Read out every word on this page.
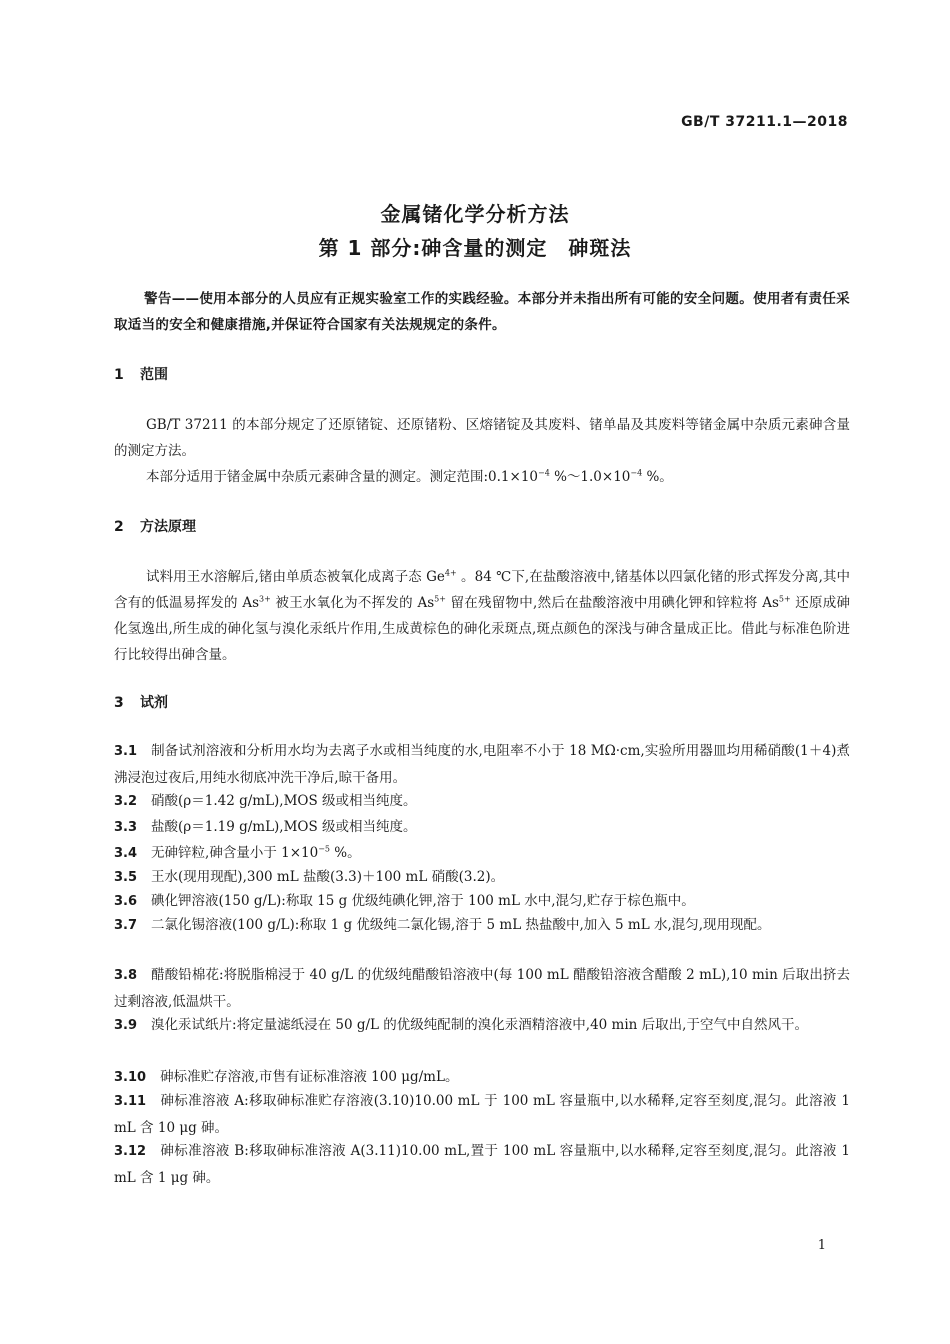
GB/T 37211.1—2018
金属锗化学分析方法
第 1 部分:砷含量的测定　砷斑法
警告——使用本部分的人员应有正规实验室工作的实践经验。本部分并未指出所有可能的安全问题。使用者有责任采取适当的安全和健康措施,并保证符合国家有关法规规定的条件。
1 范围
GB/T 37211 的本部分规定了还原锗锭、还原锗粉、区熔锗锭及其废料、锗单晶及其废料等锗金属中杂质元素砷含量的测定方法。
本部分适用于锗金属中杂质元素砷含量的测定。测定范围$:0.1\times 10^{-4}$ $\%\sim 1.0\times 10^{-4}$ %。
2 方法原理
试料用王水溶解后,锗由单质态被氧化成离子态 $Ge^{4+}$ 。84 ℃下,在盐酸溶液中,锗基体以四氯化锗的形式挥发分离,其中含有的低温易挥发的 $As^{3+}$ 被王水氧化为不挥发的 $As^{5+}$ 留在残留物中,然后在盐酸溶液中用碘化钾和锌粒将 $As^{5+}$ 还原成砷化氢逸出,所生成的砷化氢与溴化汞纸片作用,生成黄棕色的砷化汞斑点,斑点颜色的深浅与砷含量成正比。借此与标准色阶进行比较得出砷含量。
3 试剂
3.1 制备试剂溶液和分析用水均为去离子水或相当纯度的水,电阻率不小于 18 MΩ·cm,实验所用器皿均用稀硝酸(1＋4)煮沸浸泡过夜后,用纯水彻底冲洗干净后,晾干备用。
3.2 硝酸(ρ＝1.42 g/mL),MOS 级或相当纯度。
3.3 盐酸(ρ＝1.19 g/mL),MOS 级或相当纯度。
3.4 无砷锌粒,砷含量小于 $1\times 10^{-5}$ %。
3.5 王水(现用现配),300 mL 盐酸(3.3)＋100 mL 硝酸(3.2)。
3.6 碘化钾溶液(150 g/L):称取 15 g 优级纯碘化钾,溶于 100 mL 水中,混匀,贮存于棕色瓶中。
3.7 二氯化锡溶液(100 g/L):称取 1 g 优级纯二氯化锡,溶于 5 mL 热盐酸中,加入 5 mL 水,混匀,现用现配。
3.8 醋酸铅棉花:将脱脂棉浸于 40 g/L 的优级纯醋酸铅溶液中(每 100 mL 醋酸铅溶液含醋酸 2 mL),10 min 后取出挤去过剩溶液,低温烘干。
3.9 溴化汞试纸片:将定量滤纸浸在 50 g/L 的优级纯配制的溴化汞酒精溶液中,40 min 后取出,于空气中自然风干。
3.10 砷标准贮存溶液,市售有证标准溶液 100 μg/mL。
3.11 砷标准溶液 A:移取砷标准贮存溶液(3.10)10.00 mL 于 100 mL 容量瓶中,以水稀释,定容至刻度,混匀。此溶液 1 mL 含 10 μg 砷。
3.12 砷标准溶液 B:移取砷标准溶液 A(3.11)10.00 mL,置于 100 mL 容量瓶中,以水稀释,定容至刻度,混匀。此溶液 1 mL 含 1 μg 砷。
1
